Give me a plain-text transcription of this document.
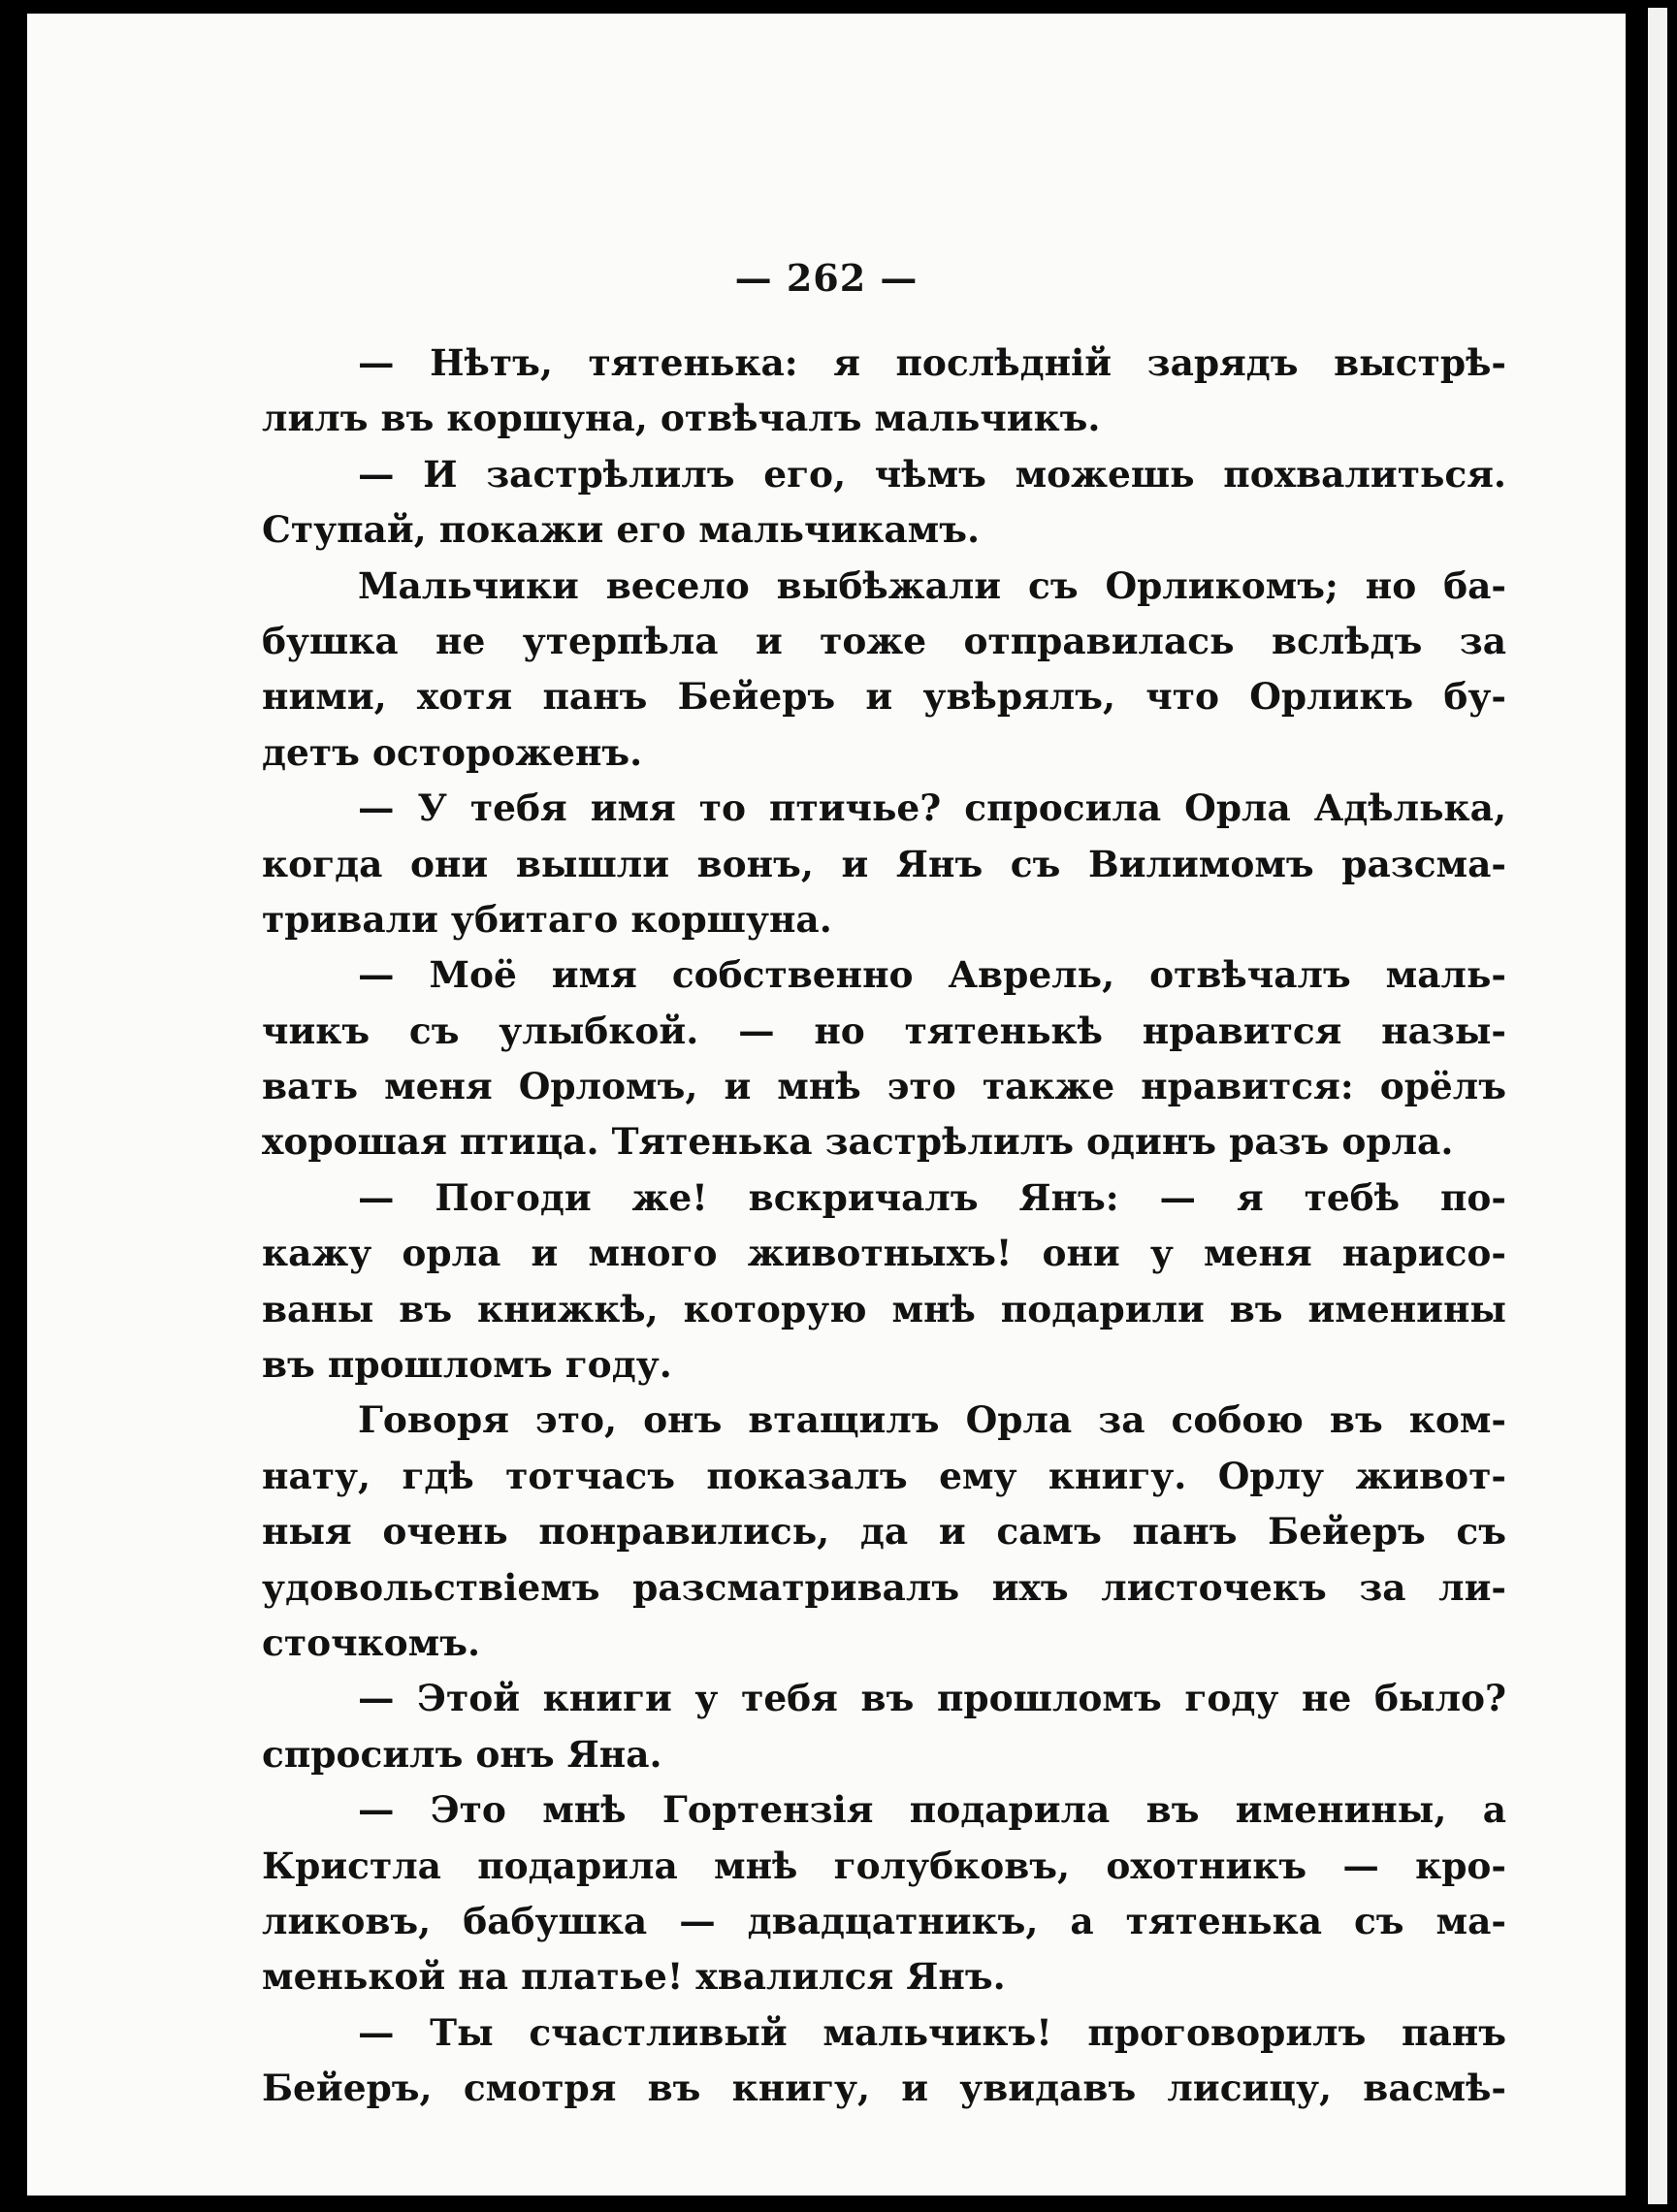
— 262 —
— Нѣтъ, тятенька: я послѣдній зарядъ выстрѣ-
лилъ въ коршуна, отвѣчалъ мальчикъ.
— И застрѣлилъ его, чѣмъ можешь похвалиться.
Ступай, покажи его мальчикамъ.
Мальчики весело выбѣжали съ Орликомъ; но ба-
бушка не утерпѣла и тоже отправилась вслѣдъ за
ними, хотя панъ Бейеръ и увѣрялъ, что Орликъ бу-
детъ остороженъ.
— У тебя имя то птичье? спросила Орла Адѣлька,
когда они вышли вонъ, и Янъ съ Вилимомъ разсма-
тривали убитаго коршуна.
— Моё имя собственно Аврель, отвѣчалъ маль-
чикъ съ улыбкой. — но тятенькѣ нравится назы-
вать меня Орломъ, и мнѣ это также нравится: орёлъ
хорошая птица. Тятенька застрѣлилъ одинъ разъ орла.
— Погоди же! вскричалъ Янъ: — я тебѣ по-
кажу орла и много животныхъ! они у меня нарисо-
ваны въ книжкѣ, которую мнѣ подарили въ именины
въ прошломъ году.
Говоря это, онъ втащилъ Орла за собою въ ком-
нату, гдѣ тотчасъ показалъ ему книгу. Орлу живот-
ныя очень понравились, да и самъ панъ Бейеръ съ
удовольствіемъ разсматривалъ ихъ листочекъ за ли-
сточкомъ.
— Этой книги у тебя въ прошломъ году не было?
спросилъ онъ Яна.
— Это мнѣ Гортензія подарила въ именины, а
Кристла подарила мнѣ голубковъ, охотникъ — кро-
ликовъ, бабушка — двадцатникъ, а тятенька съ ма-
менькой на платье! хвалился Янъ.
— Ты счастливый мальчикъ! проговорилъ панъ
Бейеръ, смотря въ книгу, и увидавъ лисицу, васмѣ-
